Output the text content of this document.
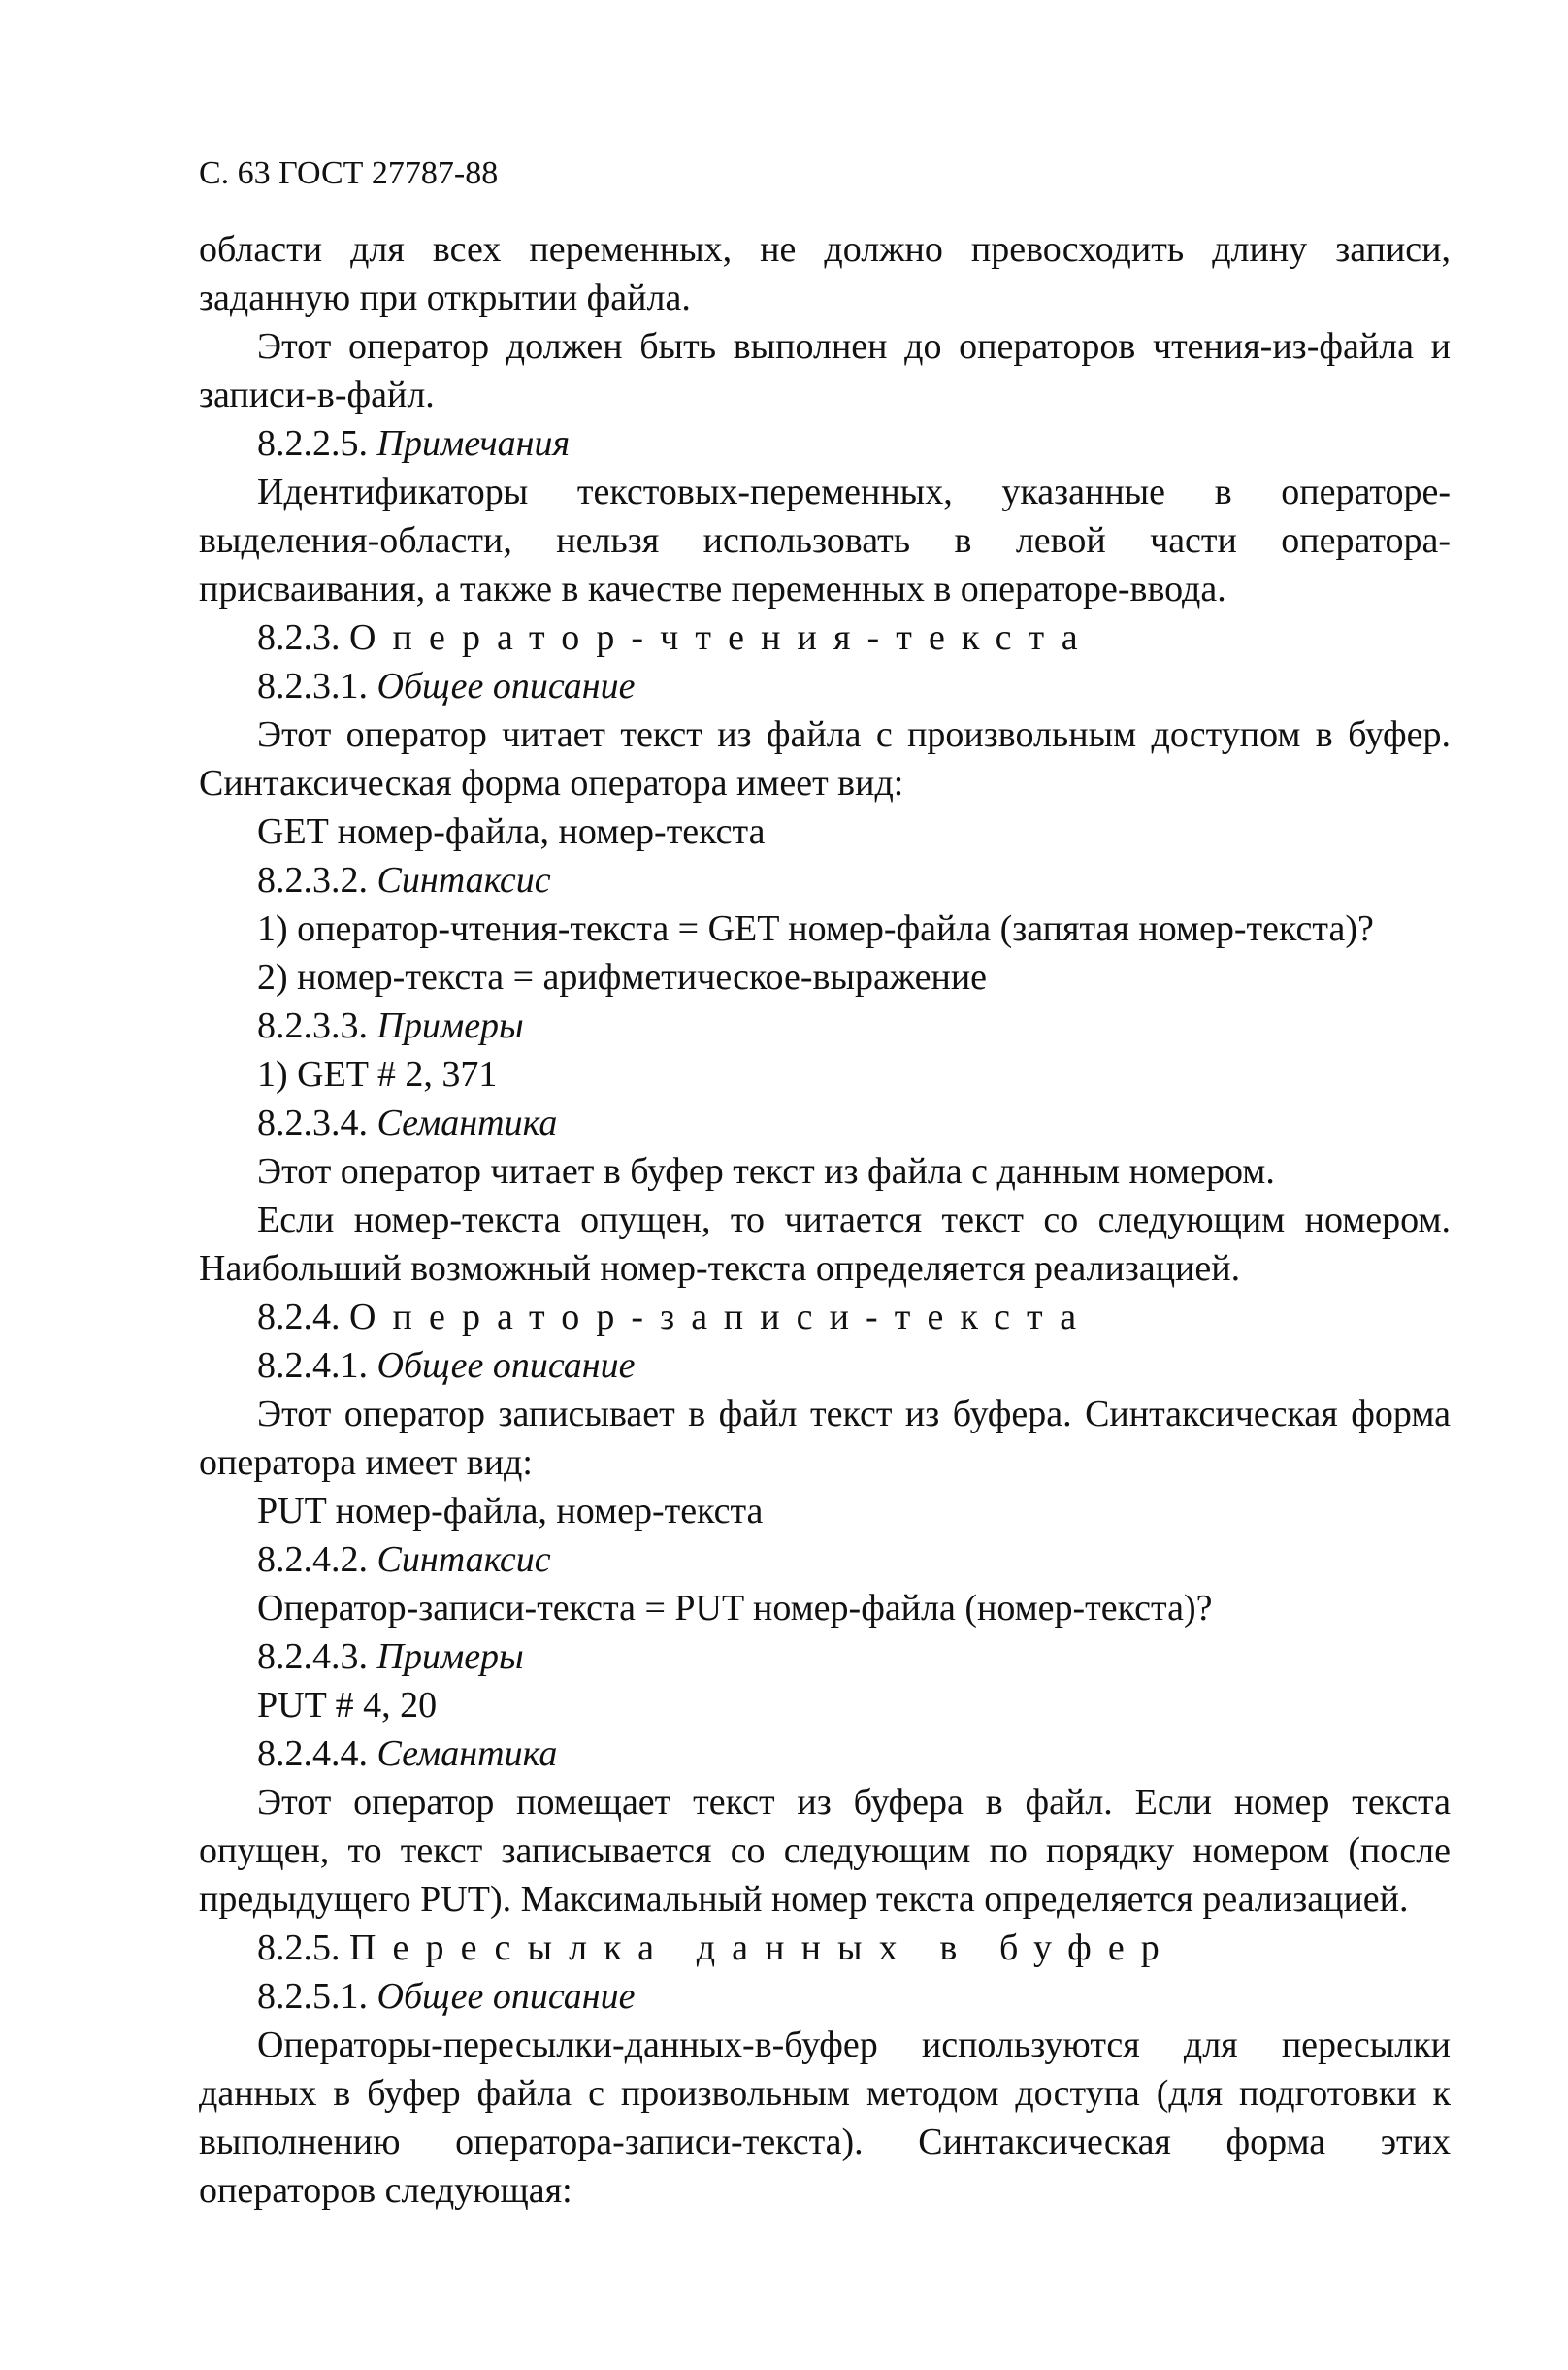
С. 63 ГОСТ 27787-88

области для всех переменных, не должно превосходить длину записи, заданную при открытии файла.

Этот оператор должен быть выполнен до операторов чтения-из-файла и записи-в-файл.

8.2.2.5. Примечания

Идентификаторы текстовых-переменных, указанные в операторе-выделения-области, нельзя использовать в левой части оператора-присваивания, а также в качестве переменных в операторе-ввода.

8.2.3. Оператор-чтения-текста

8.2.3.1. Общее описание

Этот оператор читает текст из файла с произвольным доступом в буфер. Синтаксическая форма оператора имеет вид:

GET номер-файла, номер-текста

8.2.3.2. Синтаксис

1) оператор-чтения-текста = GET номер-файла (запятая номер-текста)?

2) номер-текста = арифметическое-выражение

8.2.3.3. Примеры

1) GET # 2, 371

8.2.3.4. Семантика

Этот оператор читает в буфер текст из файла с данным номером.

Если номер-текста опущен, то читается текст со следующим номером. Наибольший возможный номер-текста определяется реализацией.

8.2.4. Оператор-записи-текста

8.2.4.1. Общее описание

Этот оператор записывает в файл текст из буфера. Синтаксическая форма оператора имеет вид:

PUT номер-файла, номер-текста

8.2.4.2. Синтаксис

Оператор-записи-текста = PUT номер-файла (номер-текста)?

8.2.4.3. Примеры

PUT # 4, 20

8.2.4.4. Семантика

Этот оператор помещает текст из буфера в файл. Если номер текста опущен, то текст записывается со следующим по порядку номером (после предыдущего PUT). Максимальный номер текста определяется реализацией.

8.2.5. Пересылка данных в буфер

8.2.5.1. Общее описание

Операторы-пересылки-данных-в-буфер используются для пересылки данных в буфер файла с произвольным методом доступа (для подготовки к выполнению оператора-записи-текста). Синтаксическая форма этих операторов следующая:
